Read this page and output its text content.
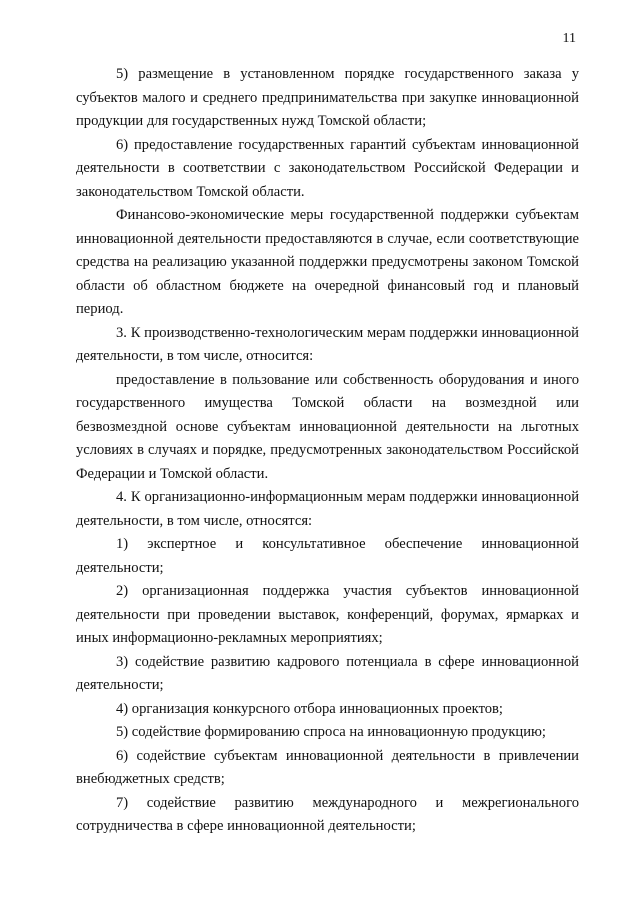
11

5) размещение в установленном порядке государственного заказа у субъектов малого и среднего предпринимательства при закупке инновационной продукции для государственных нужд Томской области;

6) предоставление государственных гарантий субъектам инновационной деятельности в соответствии с законодательством Российской Федерации и законодательством Томской области.

Финансово-экономические меры государственной поддержки субъектам инновационной деятельности предоставляются в случае, если соответствующие средства на реализацию указанной поддержки предусмотрены законом Томской области об областном бюджете на очередной финансовый год и плановый период.

3. К производственно-технологическим мерам поддержки инновационной деятельности, в том числе, относится:

предоставление в пользование или собственность оборудования и иного государственного имущества Томской области на возмездной или безвозмездной основе субъектам инновационной деятельности на льготных условиях в случаях и порядке, предусмотренных законодательством Российской Федерации и Томской области.

4. К организационно-информационным мерам поддержки инновационной деятельности, в том числе, относятся:

1) экспертное и консультативное обеспечение инновационной деятельности;

2) организационная поддержка участия субъектов инновационной деятельности при проведении выставок, конференций, форумах, ярмарках и иных информационно-рекламных мероприятиях;

3) содействие развитию кадрового потенциала в сфере инновационной деятельности;

4) организация конкурсного отбора инновационных проектов;

5) содействие формированию спроса на инновационную продукцию;

6) содействие субъектам инновационной деятельности в привлечении внебюджетных средств;

7) содействие развитию международного и межрегионального сотрудничества в сфере инновационной деятельности;
